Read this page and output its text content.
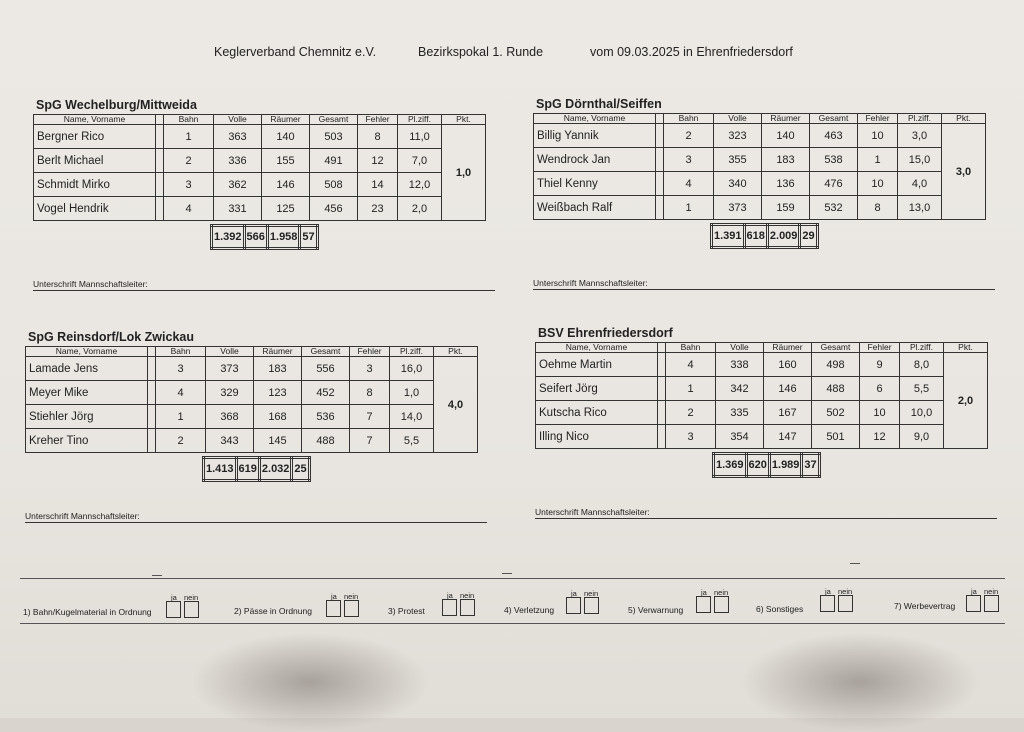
Keglerverband Chemnitz e.V.	Bezirkspokal 1. Runde	vom 09.03.2025 in Ehrenfriedersdorf
SpG Wechelburg/Mittweida
Name, Vorname		Bahn	Volle	Räumer	Gesamt	Fehler	Pl.ziff.	Pkt.
Bergner Rico		1	363	140	503	8	11,0	1,0
Berlt Michael		2	336	155	491	12	7,0	
Schmidt Mirko		3	362	146	508	14	12,0	
Vogel Hendrik		4	331	125	456	23	2,0	
1.392	566	1.958	57
Unterschrift Mannschaftsleiter:
SpG Dörnthal/Seiffen
Name, Vorname		Bahn	Volle	Räumer	Gesamt	Fehler	Pl.ziff.	Pkt.
Billig Yannik		2	323	140	463	10	3,0	3,0
Wendrock Jan		3	355	183	538	1	15,0	
Thiel Kenny		4	340	136	476	10	4,0	
Weißbach Ralf		1	373	159	532	8	13,0	
1.391	618	2.009	29
Unterschrift Mannschaftsleiter:
SpG Reinsdorf/Lok Zwickau
Name, Vorname		Bahn	Volle	Räumer	Gesamt	Fehler	Pl.ziff.	Pkt.
Lamade Jens		3	373	183	556	3	16,0	4,0
Meyer Mike		4	329	123	452	8	1,0	
Stiehler Jörg		1	368	168	536	7	14,0	
Kreher Tino		2	343	145	488	7	5,5	
1.413	619	2.032	25
Unterschrift Mannschaftsleiter:
BSV Ehrenfriedersdorf
Name, Vorname		Bahn	Volle	Räumer	Gesamt	Fehler	Pl.ziff.	Pkt.
Oehme Martin		4	338	160	498	9	8,0	2,0
Seifert Jörg		1	342	146	488	6	5,5	
Kutscha Rico		2	335	167	502	10	10,0	
Illing Nico		3	354	147	501	12	9,0	
1.369	620	1.989	37
Unterschrift Mannschaftsleiter:
1) Bahn/Kugelmaterial in Ordnung
ja nein
2) Pässe in Ordnung
ja nein
3) Protest
ja nein
4) Verletzung
ja nein
5) Verwarnung
ja nein
6) Sonstiges
ja nein
7) Werbevertrag
ja nein
